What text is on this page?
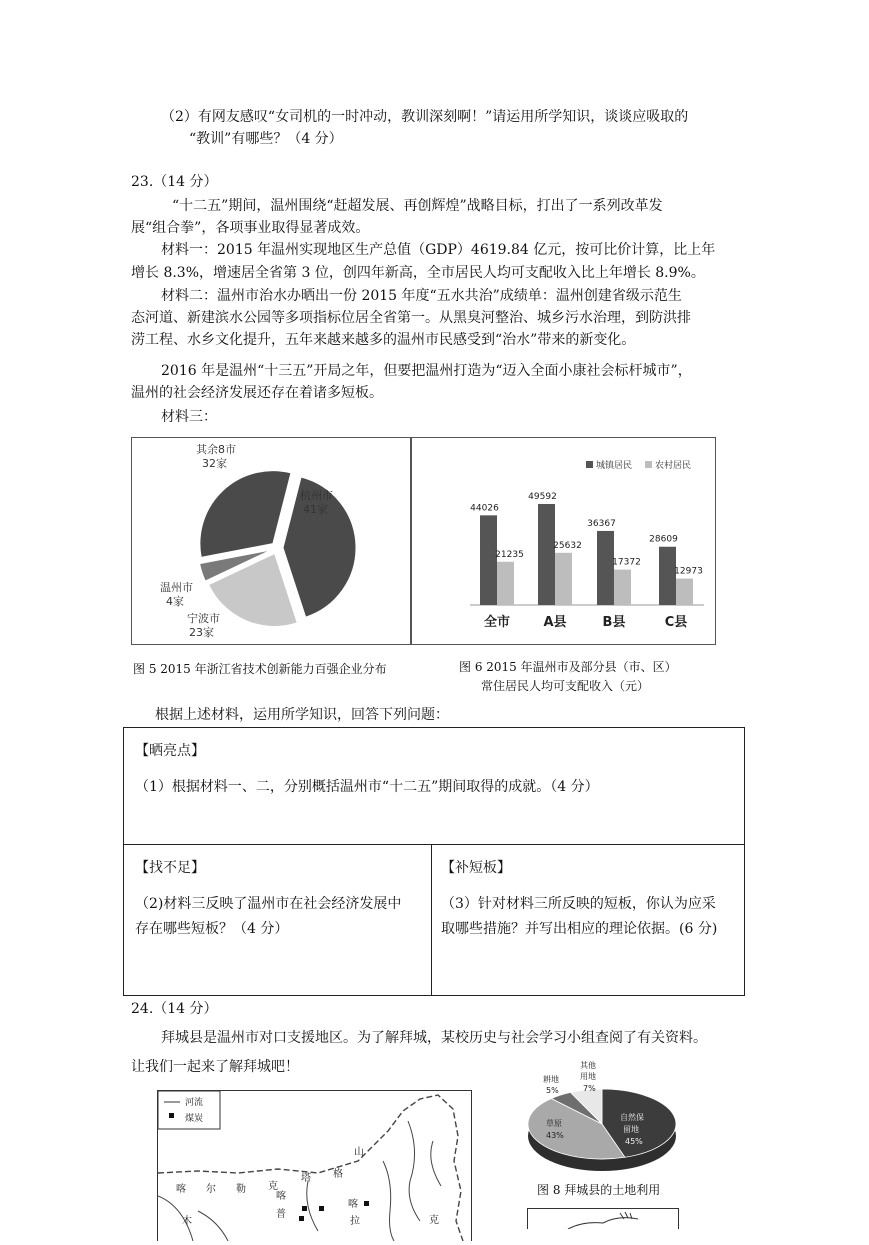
（2）有网友感叹“女司机的一时冲动，教训深刻啊！”请运用所学知识，谈谈应吸取的
“教训”有哪些？（4 分）
23.（14 分）
“十二五”期间，温州围绕“赶超发展、再创辉煌”战略目标，打出了一系列改革发
展“组合拳”，各项事业取得显著成效。
材料一：2015 年温州实现地区生产总值（GDP）4619.84 亿元，按可比价计算，比上年
增长 8.3%，增速居全省第 3 位，创四年新高，全市居民人均可支配收入比上年增长 8.9%。
材料二：温州市治水办晒出一份 2015 年度“五水共治”成绩单：温州创建省级示范生
态河道、新建滨水公园等多项指标位居全省第一。从黑臭河整治、城乡污水治理，到防洪排
涝工程、水乡文化提升，五年来越来越多的温州市民感受到“治水”带来的新变化。
2016 年是温州“十三五”开局之年，但要把温州打造为“迈入全面小康社会标杆城市”，
温州的社会经济发展还存在着诸多短板。
材料三：
其余8市
32家
杭州市
41家
温州市
4家
宁波市
23家
城镇居民	农村居民
44026
21235
全市
49592
25632
A县
36367
17372
B县
28609
12973
C县
图 5 2015 年浙江省技术创新能力百强企业分布	图 6 2015 年温州市及部分县（市、区）
常住居民人均可支配收入（元）
根据上述材料，运用所学知识，回答下列问题：
【晒亮点】
（1）根据材料一、二，分别概括温州市“十二五”期间取得的成就。（4 分）
【找不足】
（2)材料三反映了温州市在社会经济发展中
存在哪些短板？（4 分）
【补短板】
（3）针对材料三所反映的短板，你认为应采
取哪些措施？并写出相应的理论依据。(6 分)
24.（14 分）
拜城县是温州市对口支援地区。为了解拜城，某校历史与社会学习小组查阅了有关资料。
让我们一起来了解拜城吧！
河流
煤炭
山
喀 尔 勒 克
塔 格
喀
普
喀
拉	克
木
其他
用地
7%
耕地
5%
草原
43%
自然保
留地
45%
图 8 拜城县的土地利用
